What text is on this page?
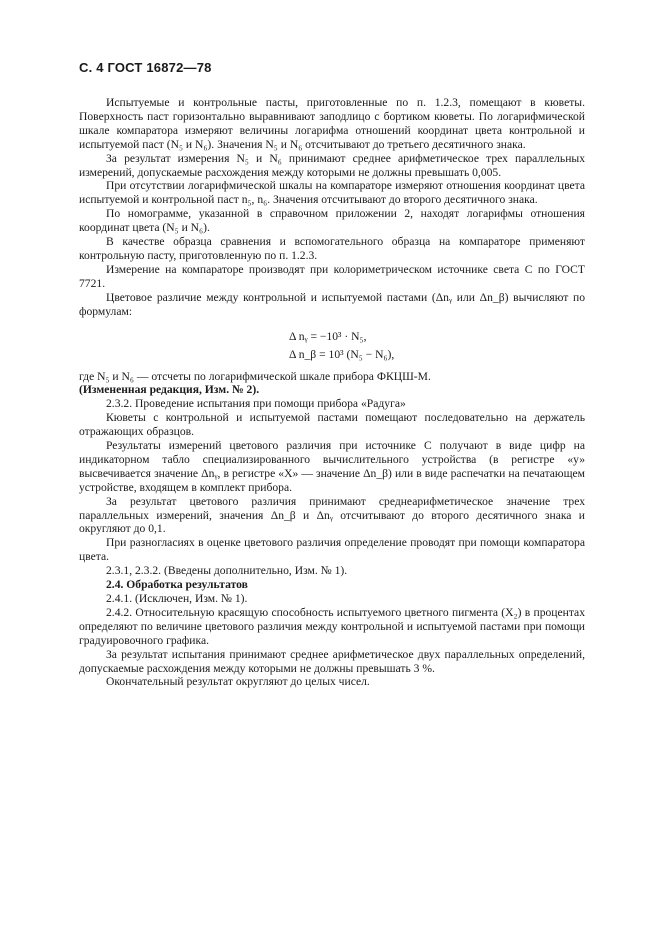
С. 4 ГОСТ 16872—78

Испытуемые и контрольные пасты, приготовленные по п. 1.2.3, помещают в кюветы. Поверхность паст горизонтально выравнивают заподлицо с бортиком кюветы. По логарифмической шкале компаратора измеряют величины логарифма отношений координат цвета контрольной и испытуемой паст (N₅ и N₆). Значения N₅ и N₆ отсчитывают до третьего десятичного знака.

За результат измерения N₅ и N₆ принимают среднее арифметическое трех параллельных измерений, допускаемые расхождения между которыми не должны превышать 0,005.

При отсутствии логарифмической шкалы на компараторе измеряют отношения координат цвета испытуемой и контрольной паст n₅, n₆. Значения отсчитывают до второго десятичного знака.

По номограмме, указанной в справочном приложении 2, находят логарифмы отношения координат цвета (N₅ и N₆).

В качестве образца сравнения и вспомогательного образца на компараторе применяют контрольную пасту, приготовленную по п. 1.2.3.

Измерение на компараторе производят при колориметрическом источнике света С по ГОСТ 7721.

Цветовое различие между контрольной и испытуемой пастами (Δnᵧ или Δn_β) вычисляют по формулам:

Δ nᵧ = −10³ · N₅,
Δ n_β = 10³ (N₅ − N₆),

где N₅ и N₆ — отсчеты по логарифмической шкале прибора ФКЦШ-М.

(Измененная редакция, Изм. № 2).

2.3.2. Проведение испытания при помощи прибора «Радуга»

Кюветы с контрольной и испытуемой пастами помещают последовательно на держатель отражающих образцов.

Результаты измерений цветового различия при источнике С получают в виде цифр на индикаторном табло специализированного вычислительного устройства (в регистре «у» высвечивается значение Δnᵧ, в регистре «X» — значение Δn_β) или в виде распечатки на печатающем устройстве, входящем в комплект прибора.

За результат цветового различия принимают среднеарифметическое значение трех параллельных измерений, значения Δn_β и Δnᵧ отсчитывают до второго десятичного знака и округляют до 0,1.

При разногласиях в оценке цветового различия определение проводят при помощи компаратора цвета.

2.3.1, 2.3.2. (Введены дополнительно, Изм. № 1).

2.4. Обработка результатов

2.4.1. (Исключен, Изм. № 1).

2.4.2. Относительную красящую способность испытуемого цветного пигмента (X₂) в процентах определяют по величине цветового различия между контрольной и испытуемой пастами при помощи градуировочного графика.

За результат испытания принимают среднее арифметическое двух параллельных определений, допускаемые расхождения между которыми не должны превышать 3 %.

Окончательный результат округляют до целых чисел.
